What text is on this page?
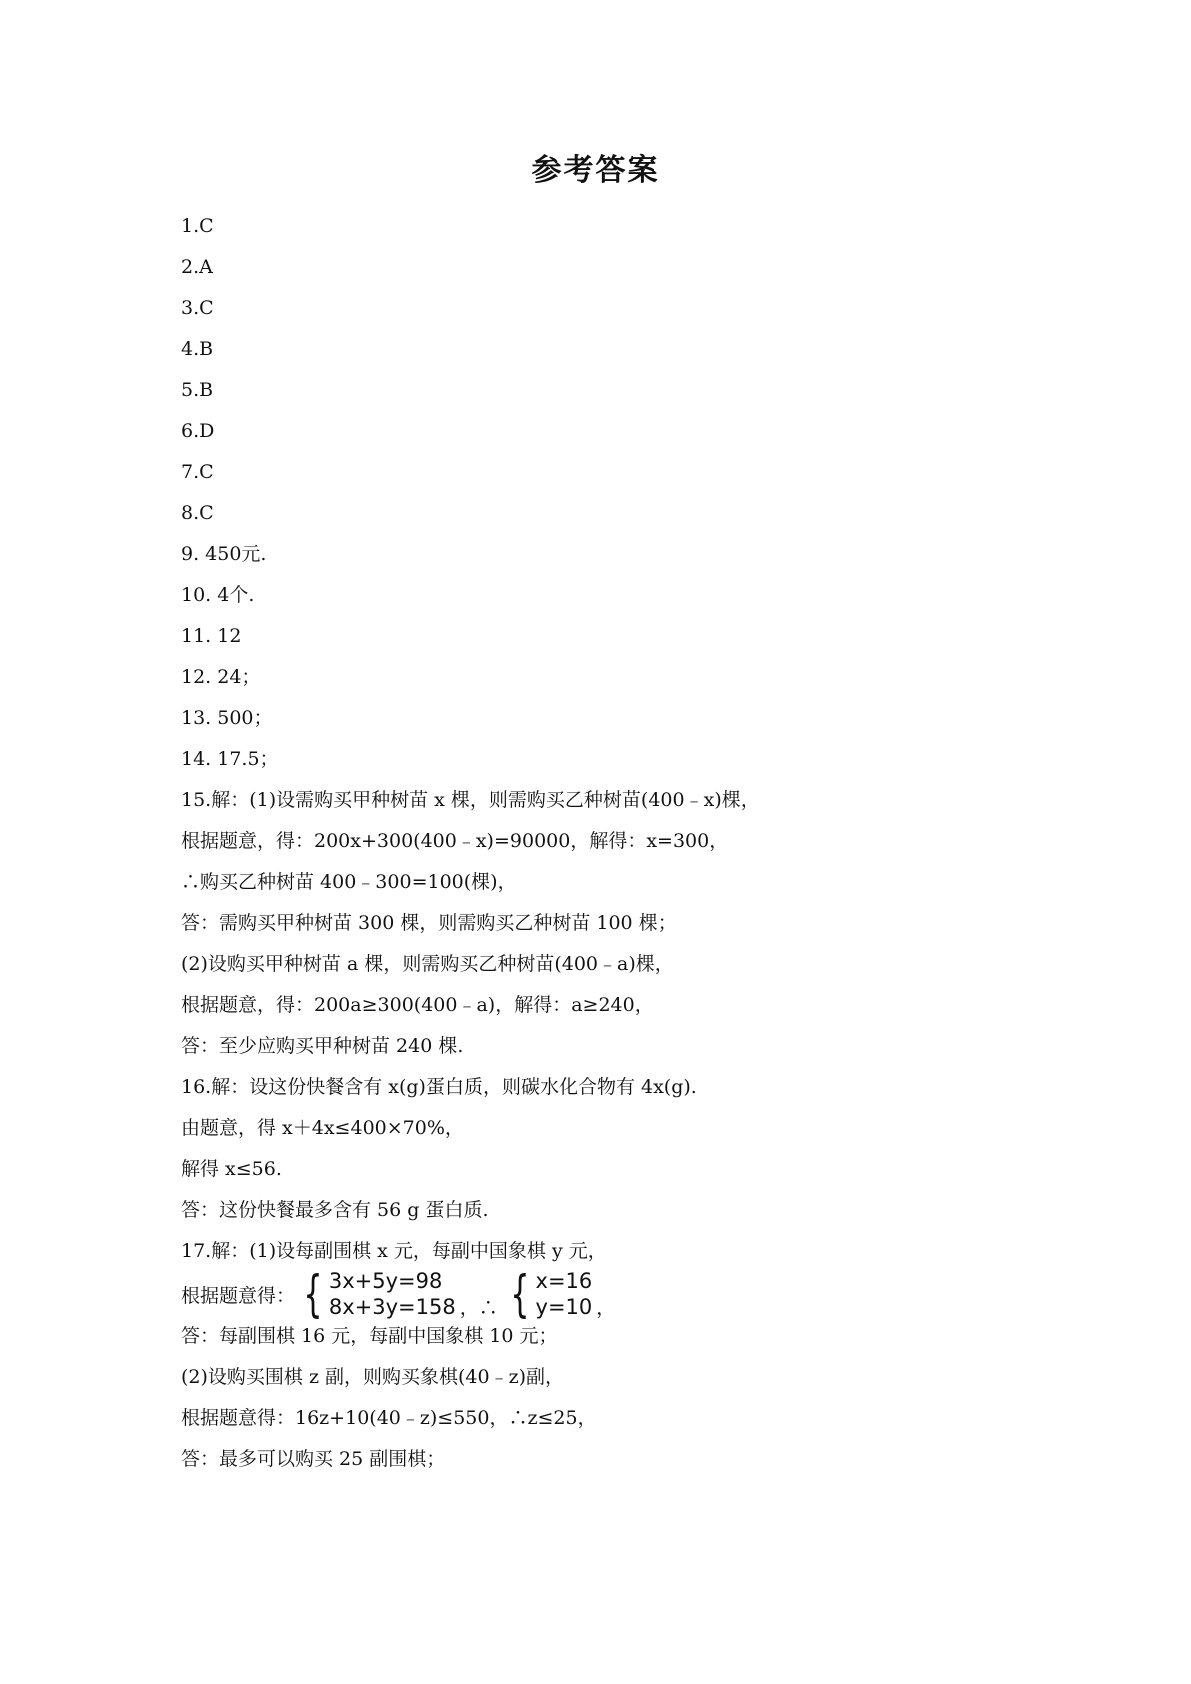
参考答案
1.C
2.A
3.C
4.B
5.B
6.D
7.C
8.C
9. 450元.
10. 4个.
11. 12
12. 24；
13. 500；
14. 17.5；
15.解：(1)设需购买甲种树苗 x 棵，则需购买乙种树苗(400﹣x)棵，
根据题意，得：200x+300(400﹣x)=90000，解得：x=300，
∴购买乙种树苗 400﹣300=100(棵)，
答：需购买甲种树苗 300 棵，则需购买乙种树苗 100 棵；
(2)设购买甲种树苗 a 棵，则需购买乙种树苗(400﹣a)棵，
根据题意，得：200a≥300(400﹣a)，解得：a≥240，
答：至少应购买甲种树苗 240 棵.
16.解：设这份快餐含有 x(g)蛋白质，则碳水化合物有 4x(g).
由题意，得 x＋4x≤400×70%，
解得 x≤56.
答：这份快餐最多含有 56 g 蛋白质.
17.解：(1)设每副围棋 x 元，每副中国象棋 y 元，
根据题意得： { 3x+5y=98
8x+3y=158 ，∴ { x=16
y=10 ，
答：每副围棋 16 元，每副中国象棋 10 元；
(2)设购买围棋 z 副，则购买象棋(40﹣z)副，
根据题意得：16z+10(40﹣z)≤550，∴z≤25，
答：最多可以购买 25 副围棋；
